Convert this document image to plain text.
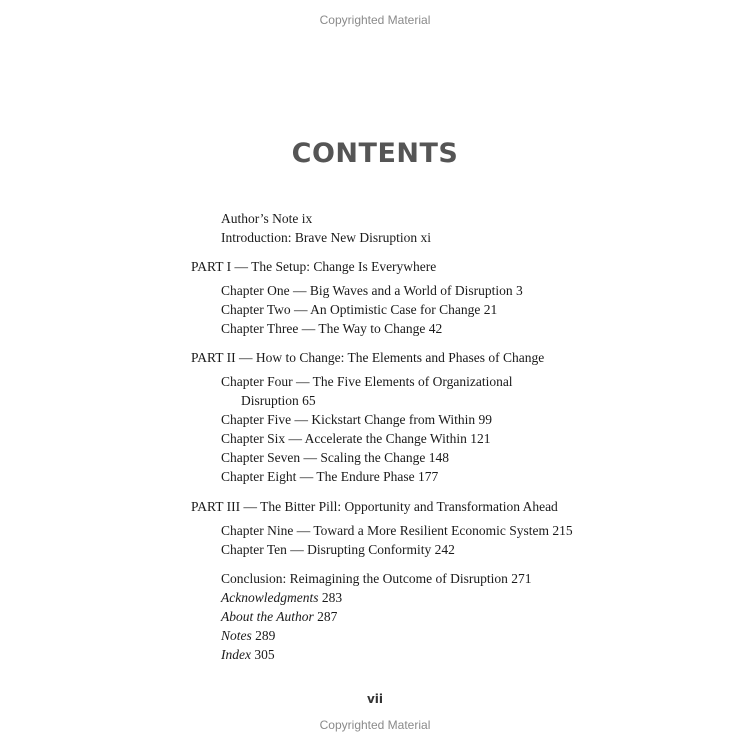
Copyrighted Material
CONTENTS
Author’s Note ix
Introduction: Brave New Disruption xi
PART I — The Setup: Change Is Everywhere
Chapter One — Big Waves and a World of Disruption 3
Chapter Two — An Optimistic Case for Change 21
Chapter Three — The Way to Change 42
PART II — How to Change: The Elements and Phases of Change
Chapter Four — The Five Elements of Organizational
Disruption 65
Chapter Five — Kickstart Change from Within 99
Chapter Six — Accelerate the Change Within 121
Chapter Seven — Scaling the Change 148
Chapter Eight — The Endure Phase 177
PART III — The Bitter Pill: Opportunity and Transformation Ahead
Chapter Nine — Toward a More Resilient Economic System 215
Chapter Ten — Disrupting Conformity 242
Conclusion: Reimagining the Outcome of Disruption 271
Acknowledgments 283
About the Author 287
Notes 289
Index 305
vii
Copyrighted Material
